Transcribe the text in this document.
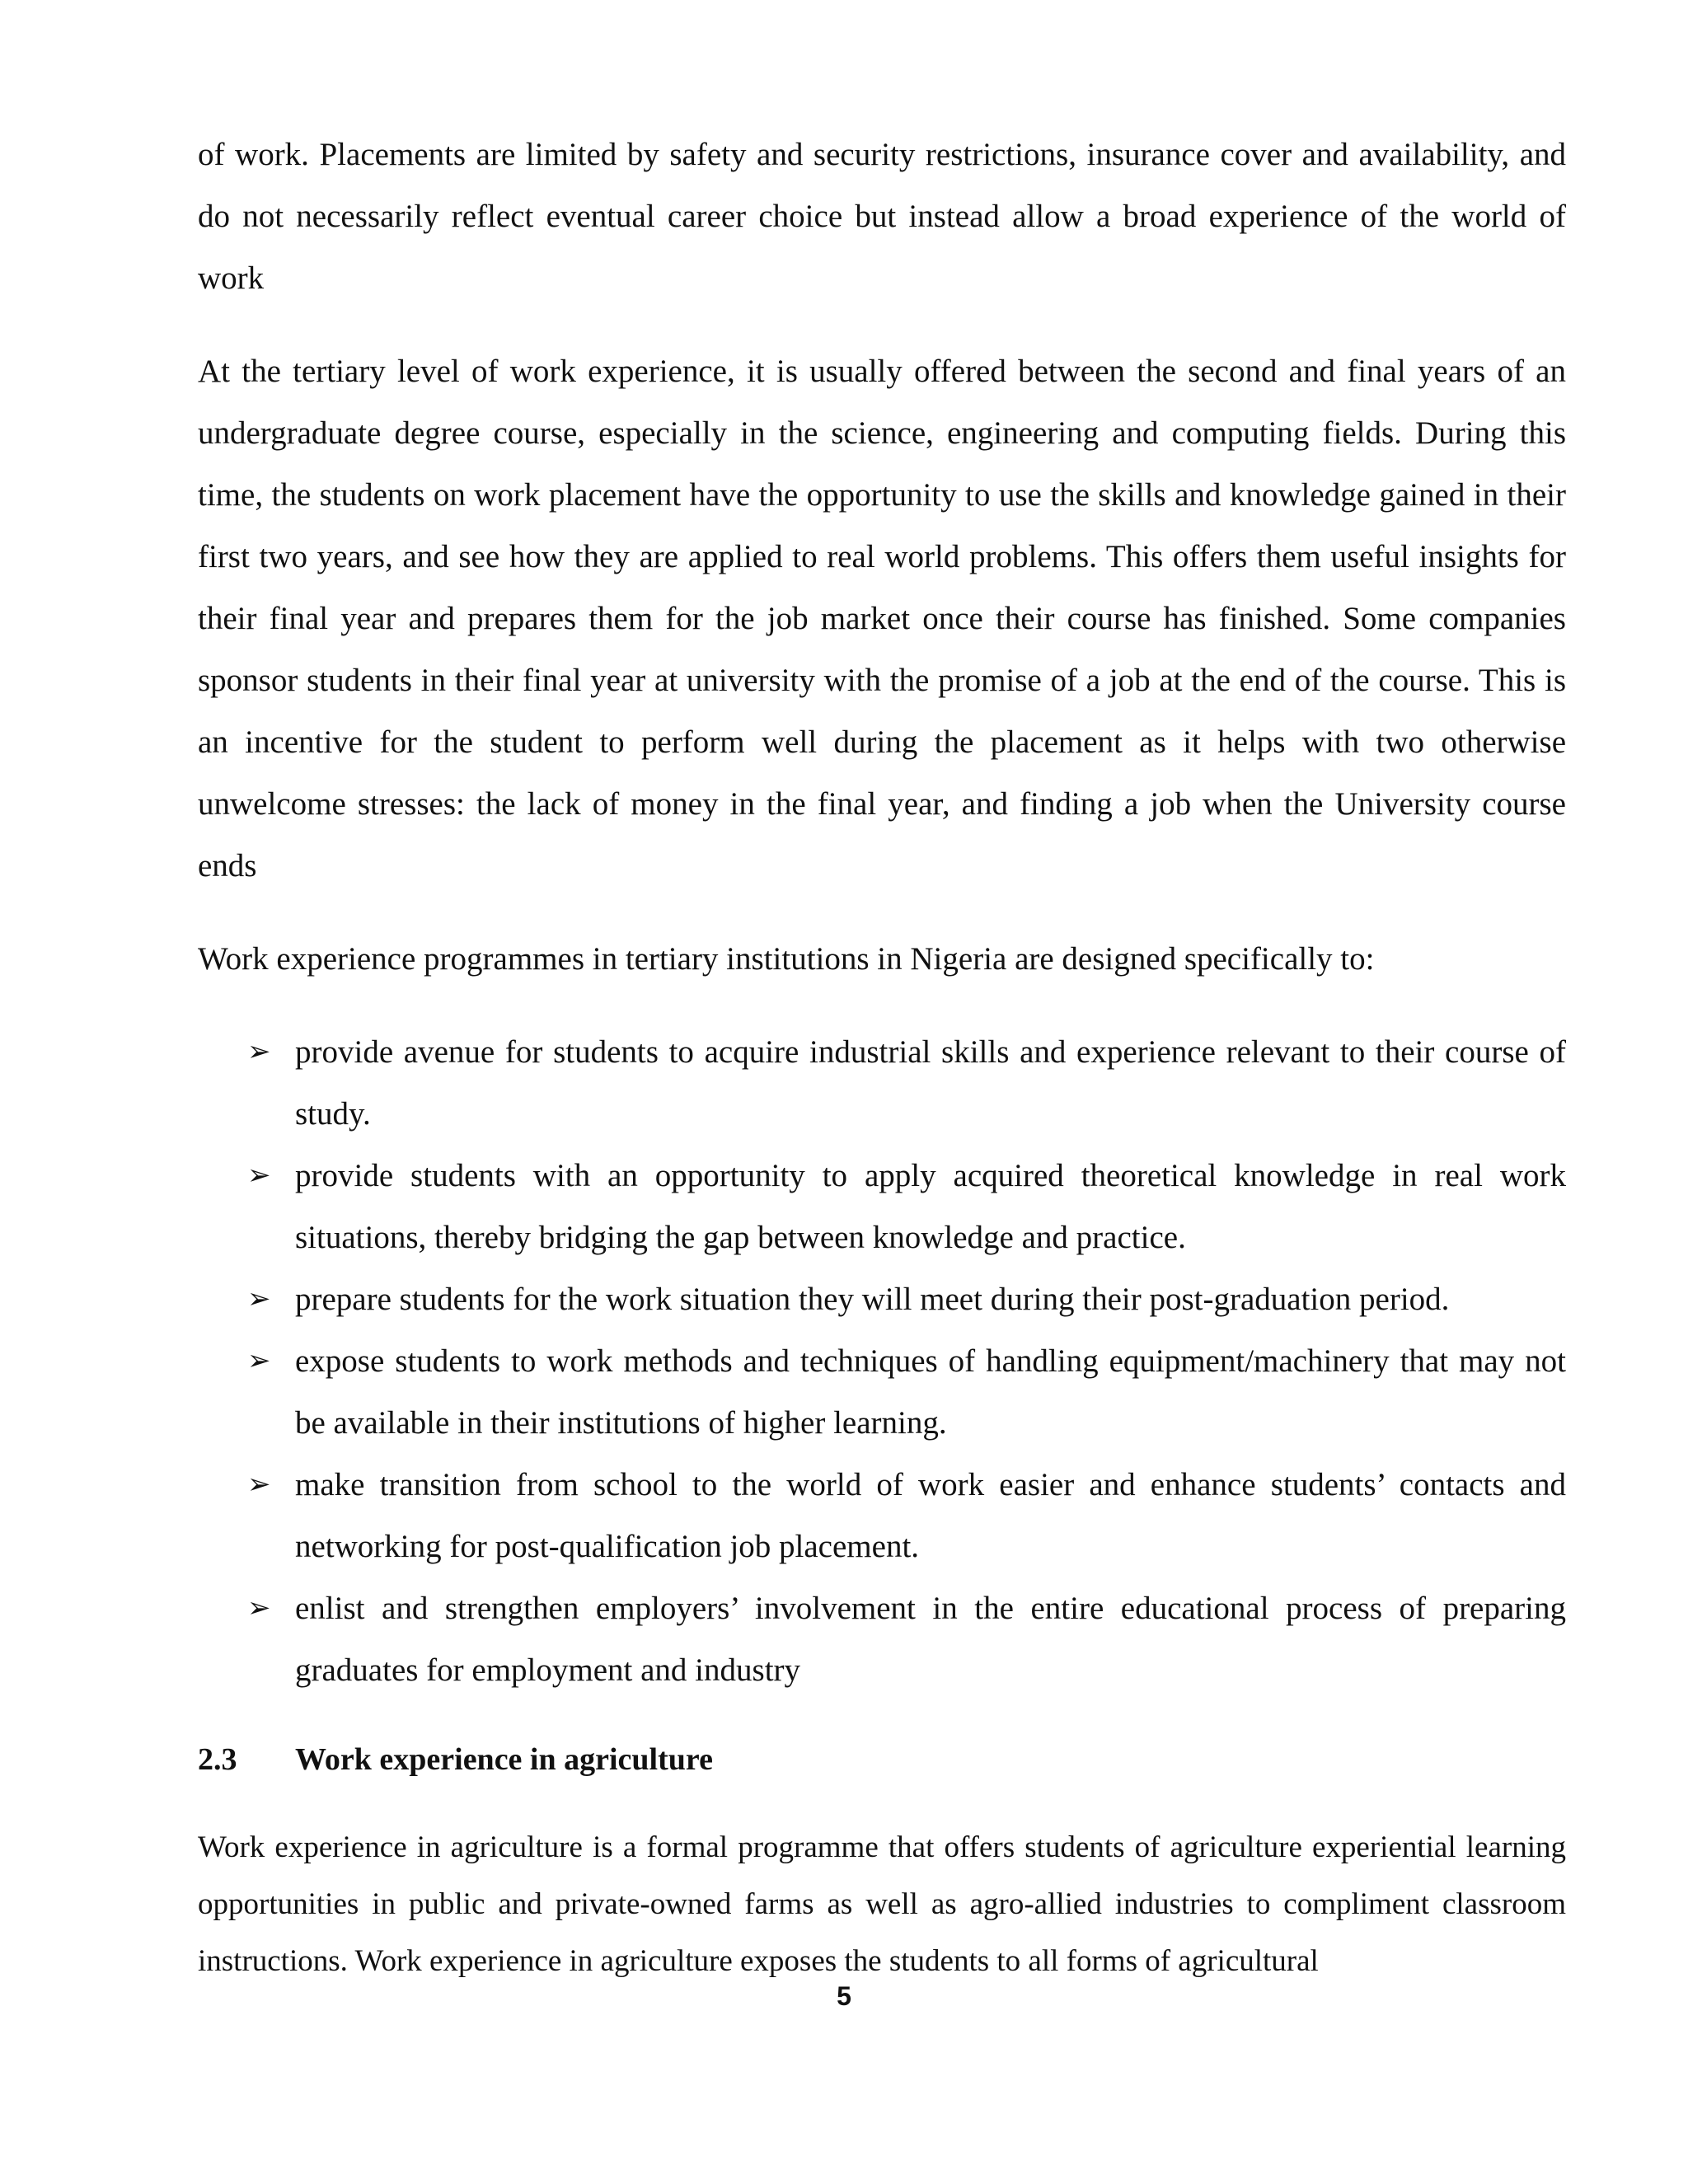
of work. Placements are limited by safety and security restrictions, insurance cover and availability, and do not necessarily reflect eventual career choice but instead allow a broad experience of the world of work

At the tertiary level of work experience, it is usually offered between the second and final years of an undergraduate degree course, especially in the science, engineering and computing fields. During this time, the students on work placement have the opportunity to use the skills and knowledge gained in their first two years, and see how they are applied to real world problems. This offers them useful insights for their final year and prepares them for the job market once their course has finished. Some companies sponsor students in their final year at university with the promise of a job at the end of the course. This is an incentive for the student to perform well during the placement as it helps with two otherwise unwelcome stresses: the lack of money in the final year, and finding a job when the University course ends

Work experience programmes in tertiary institutions in Nigeria are designed specifically to:

➢ provide avenue for students to acquire industrial skills and experience relevant to their course of study.
➢ provide students with an opportunity to apply acquired theoretical knowledge in real work situations, thereby bridging the gap between knowledge and practice.
➢ prepare students for the work situation they will meet during their post-graduation period.
➢ expose students to work methods and techniques of handling equipment/machinery that may not be available in their institutions of higher learning.
➢ make transition from school to the world of work easier and enhance students’ contacts and networking for post-qualification job placement.
➢ enlist and strengthen employers’ involvement in the entire educational process of preparing graduates for employment and industry
2.3	Work experience in agriculture

Work experience in agriculture is a formal programme that offers students of agriculture experiential learning opportunities in public and private-owned farms as well as agro-allied industries to compliment classroom instructions. Work experience in agriculture exposes the students to all forms of agricultural

5
